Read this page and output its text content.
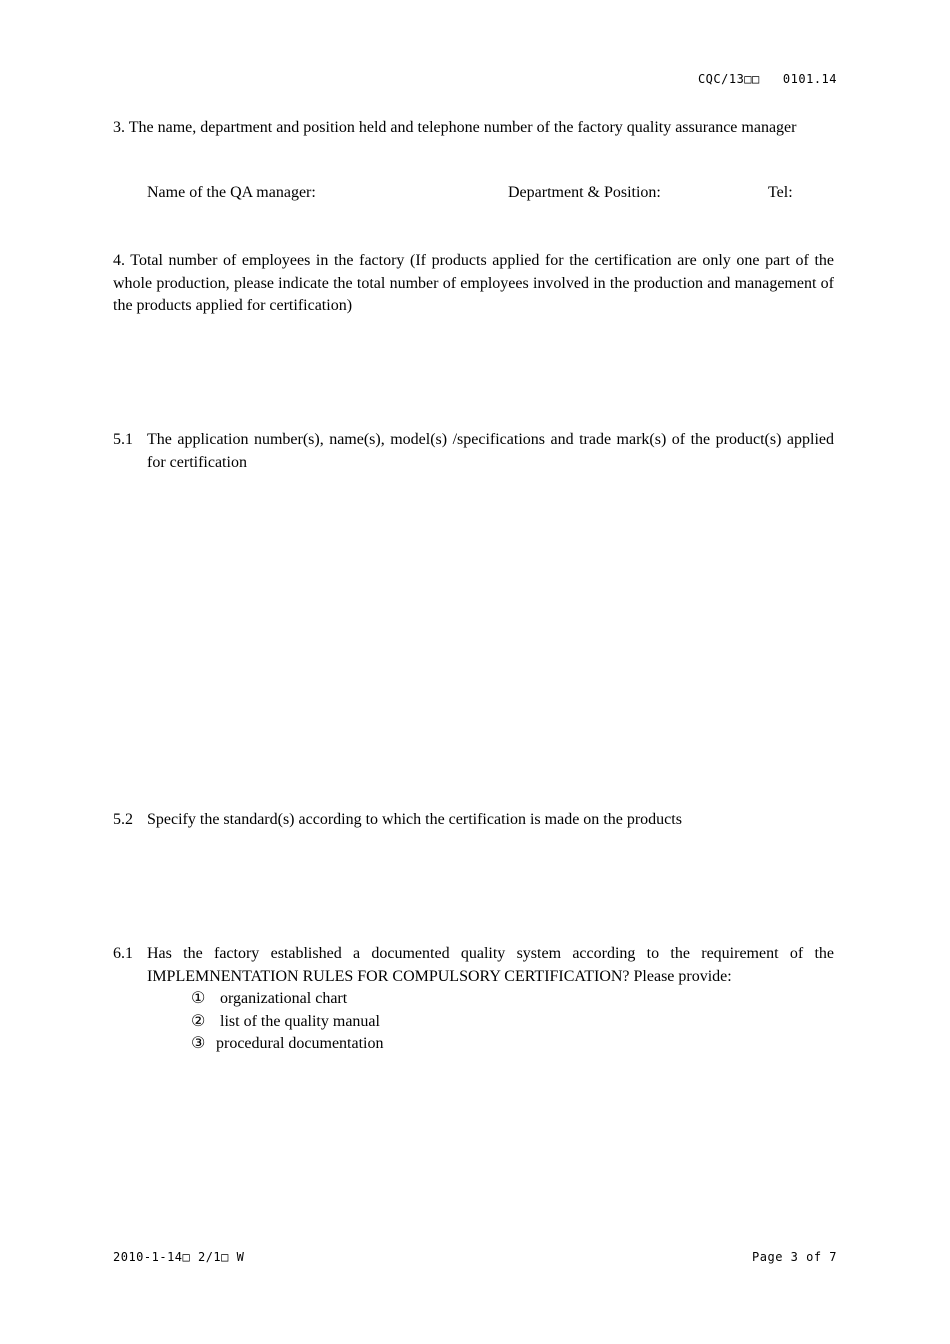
CQC/13□□   0101.14
3. The name, department and position held and telephone number of the factory quality assurance manager
Name of the QA manager:	Department & Position:	Tel:
4. Total number of employees in the factory (If products applied for the certification are only one part of the whole production, please indicate the total number of employees involved in the production and management of the products applied for certification)
5.1 The application number(s), name(s), model(s) /specifications and trade mark(s) of the product(s) applied for certification
5.2 Specify the standard(s) according to which the certification is made on the products
6.1 Has the factory established a documented quality system according to the requirement of the IMPLEMNENTATION RULES FOR COMPULSORY CERTIFICATION? Please provide:
① organizational chart
② list of the quality manual
③ procedural documentation
2010-1-14□ 2/1□ W	Page 3 of 7
